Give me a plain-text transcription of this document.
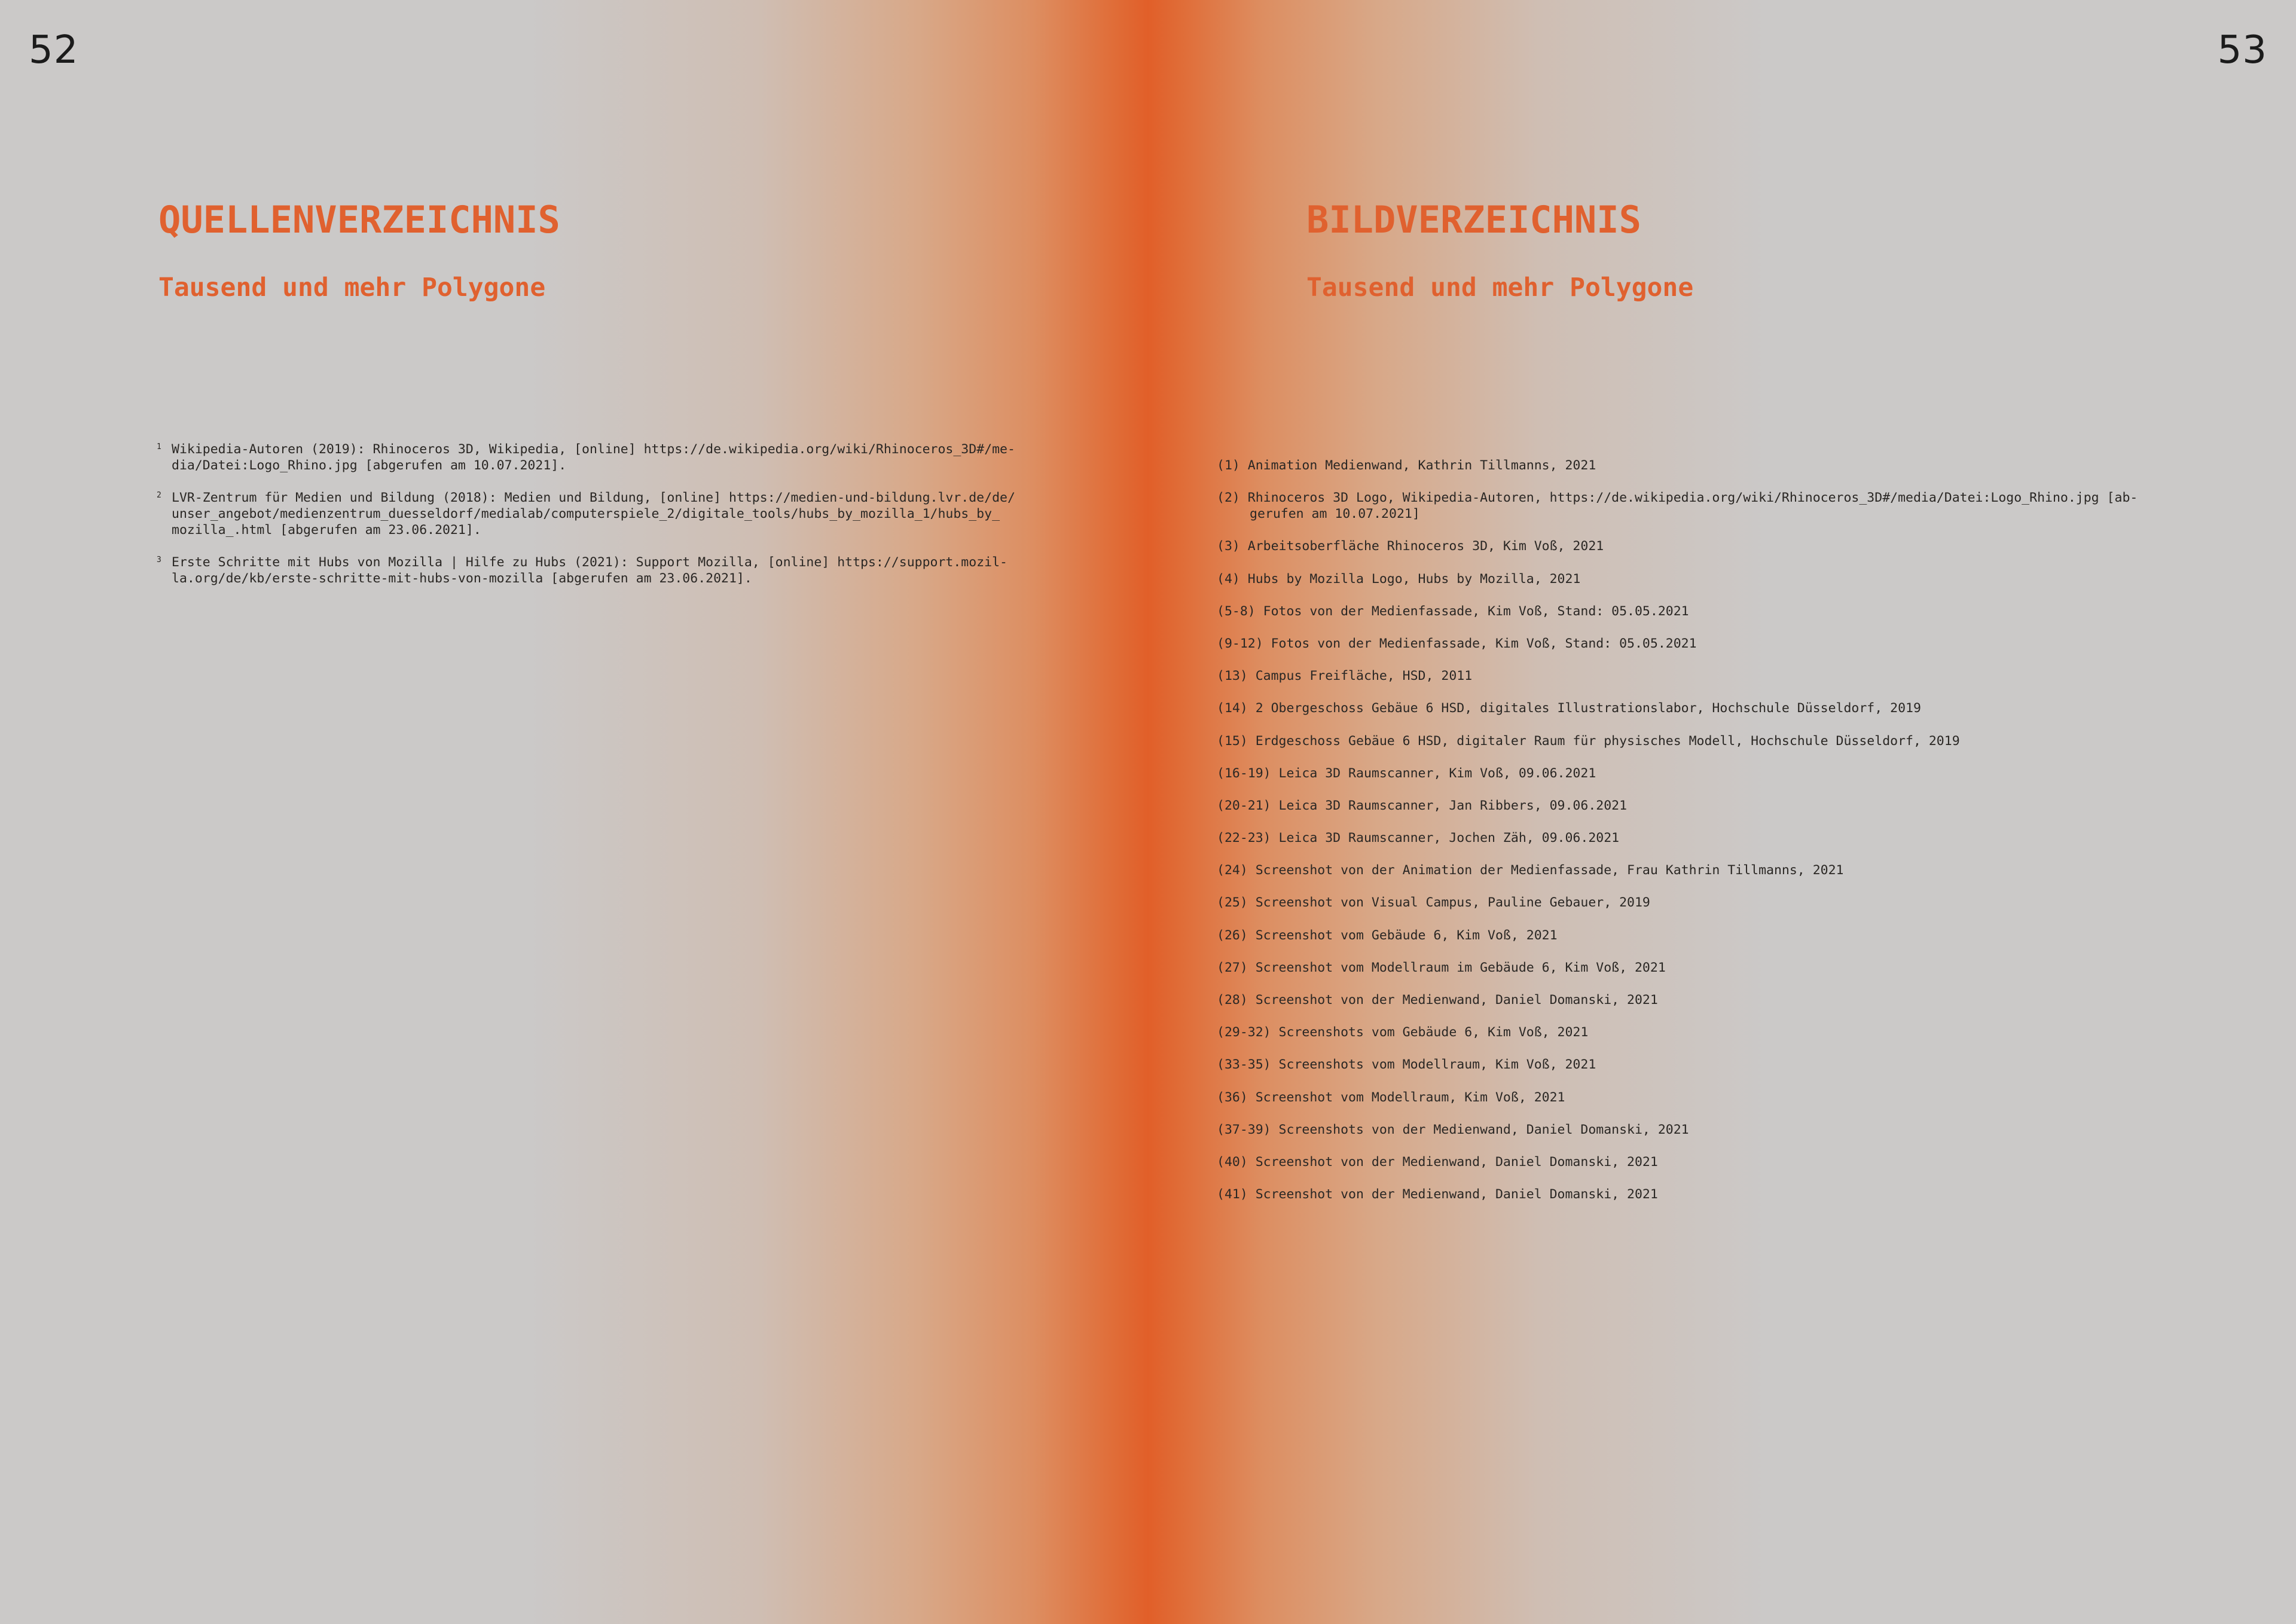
52	53
QUELLENVERZEICHNIS
Tausend und mehr Polygone
1 Wikipedia-Autoren (2019): Rhinoceros 3D, Wikipedia, [online] https://de.wikipedia.org/wiki/Rhinoceros_3D#/me-
dia/Datei:Logo_Rhino.jpg [abgerufen am 10.07.2021].
2 LVR-Zentrum für Medien und Bildung (2018): Medien und Bildung, [online] https://medien-und-bildung.lvr.de/de/
unser_angebot/medienzentrum_duesseldorf/medialab/computerspiele_2/digitale_tools/hubs_by_mozilla_1/hubs_by_
mozilla_.html [abgerufen am 23.06.2021].
3 Erste Schritte mit Hubs von Mozilla | Hilfe zu Hubs (2021): Support Mozilla, [online] https://support.mozil-
la.org/de/kb/erste-schritte-mit-hubs-von-mozilla [abgerufen am 23.06.2021].
BILDVERZEICHNIS
Tausend und mehr Polygone
(1) Animation Medienwand, Kathrin Tillmanns, 2021
(2) Rhinoceros 3D Logo, Wikipedia-Autoren, https://de.wikipedia.org/wiki/Rhinoceros_3D#/media/Datei:Logo_Rhino.jpg [ab-
gerufen am 10.07.2021]
(3) Arbeitsoberfläche Rhinoceros 3D, Kim Voß, 2021
(4) Hubs by Mozilla Logo, Hubs by Mozilla, 2021
(5-8) Fotos von der Medienfassade, Kim Voß, Stand: 05.05.2021
(9-12) Fotos von der Medienfassade, Kim Voß, Stand: 05.05.2021
(13) Campus Freifläche, HSD, 2011
(14) 2 Obergeschoss Gebäue 6 HSD, digitales Illustrationslabor, Hochschule Düsseldorf, 2019
(15) Erdgeschoss Gebäue 6 HSD, digitaler Raum für physisches Modell, Hochschule Düsseldorf, 2019
(16-19) Leica 3D Raumscanner, Kim Voß, 09.06.2021
(20-21) Leica 3D Raumscanner, Jan Ribbers, 09.06.2021
(22-23) Leica 3D Raumscanner, Jochen Zäh, 09.06.2021
(24) Screenshot von der Animation der Medienfassade, Frau Kathrin Tillmanns, 2021
(25) Screenshot von Visual Campus, Pauline Gebauer, 2019
(26) Screenshot vom Gebäude 6, Kim Voß, 2021
(27) Screenshot vom Modellraum im Gebäude 6, Kim Voß, 2021
(28) Screenshot von der Medienwand, Daniel Domanski, 2021
(29-32) Screenshots vom Gebäude 6, Kim Voß, 2021
(33-35) Screenshots vom Modellraum, Kim Voß, 2021
(36) Screenshot vom Modellraum, Kim Voß, 2021
(37-39) Screenshots von der Medienwand, Daniel Domanski, 2021
(40) Screenshot von der Medienwand, Daniel Domanski, 2021
(41) Screenshot von der Medienwand, Daniel Domanski, 2021
